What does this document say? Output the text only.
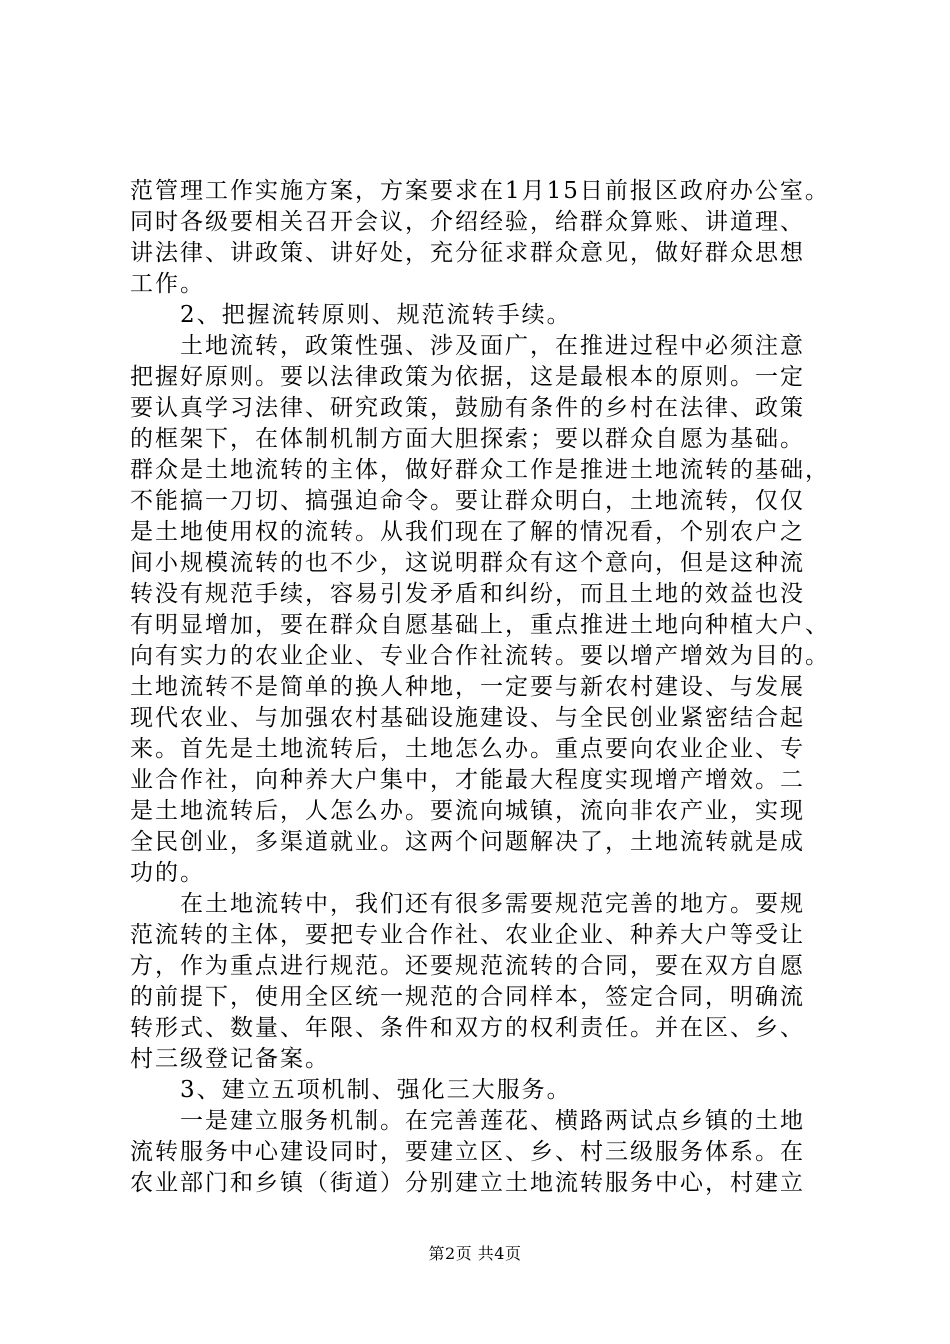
范管理工作实施方案，方案要求在1月15日前报区政府办公室。
同时各级要相关召开会议，介绍经验，给群众算账、讲道理、
讲法律、讲政策、讲好处，充分征求群众意见，做好群众思想
工作。
2、把握流转原则、规范流转手续。
土地流转，政策性强、涉及面广，在推进过程中必须注意
把握好原则。要以法律政策为依据，这是最根本的原则。一定
要认真学习法律、研究政策，鼓励有条件的乡村在法律、政策
的框架下，在体制机制方面大胆探索；要以群众自愿为基础。
群众是土地流转的主体，做好群众工作是推进土地流转的基础，
不能搞一刀切、搞强迫命令。要让群众明白，土地流转，仅仅
是土地使用权的流转。从我们现在了解的情况看，个别农户之
间小规模流转的也不少，这说明群众有这个意向，但是这种流
转没有规范手续，容易引发矛盾和纠纷，而且土地的效益也没
有明显增加，要在群众自愿基础上，重点推进土地向种植大户、
向有实力的农业企业、专业合作社流转。要以增产增效为目的。
土地流转不是简单的换人种地，一定要与新农村建设、与发展
现代农业、与加强农村基础设施建设、与全民创业紧密结合起
来。首先是土地流转后，土地怎么办。重点要向农业企业、专
业合作社，向种养大户集中，才能最大程度实现增产增效。二
是土地流转后，人怎么办。要流向城镇，流向非农产业，实现
全民创业，多渠道就业。这两个问题解决了，土地流转就是成
功的。
在土地流转中，我们还有很多需要规范完善的地方。要规
范流转的主体，要把专业合作社、农业企业、种养大户等受让
方，作为重点进行规范。还要规范流转的合同，要在双方自愿
的前提下，使用全区统一规范的合同样本，签定合同，明确流
转形式、数量、年限、条件和双方的权利责任。并在区、乡、
村三级登记备案。
3、建立五项机制、强化三大服务。
一是建立服务机制。在完善莲花、横路两试点乡镇的土地
流转服务中心建设同时，要建立区、乡、村三级服务体系。在
农业部门和乡镇（街道）分别建立土地流转服务中心，村建立
第2页 共4页
